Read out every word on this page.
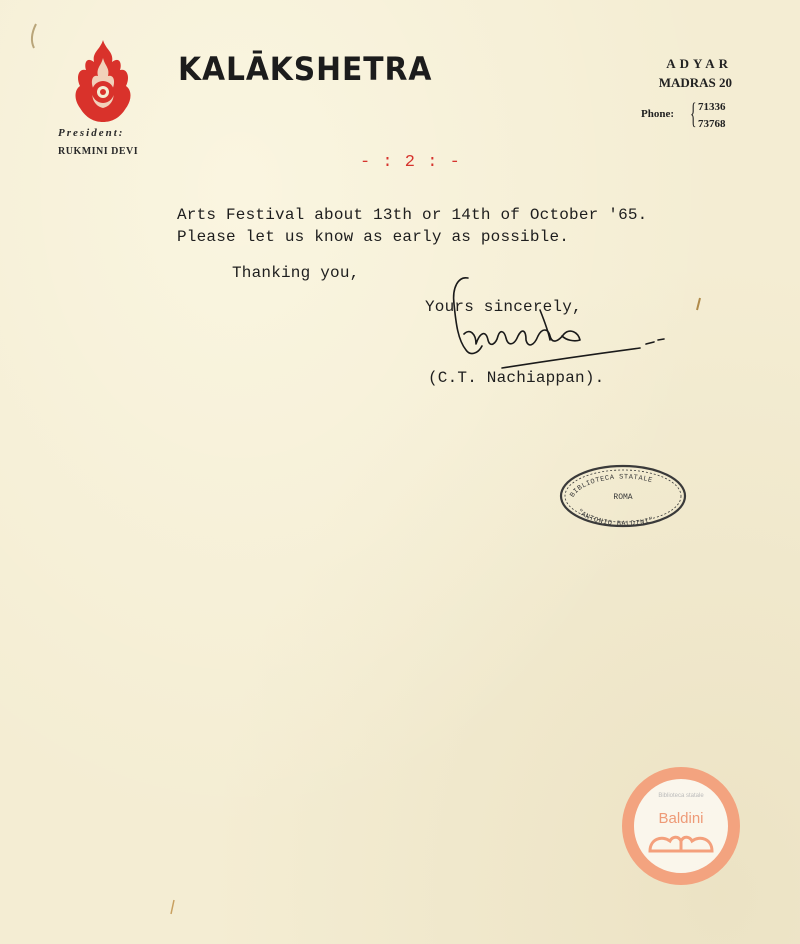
President:
RUKMINI DEVI
KALĀKSHETRA	ADYAR
MADRAS 20
Phone: { 71336
73768
- : 2 : -
Arts Festival about 13th or 14th of October '65.
Please let us know as early as possible.
Thanking you,
Yours sincerely,
(C.T. Nachiappan).
BIBLIOTECA STATALE
ROMA
"ANTONIO BALDINI"
Biblioteca statale
Baldini
